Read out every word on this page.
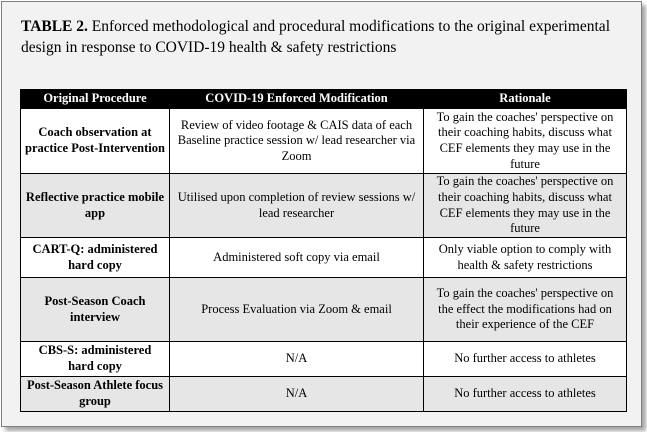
TABLE 2. Enforced methodological and procedural modifications to the original experimental design in response to COVID-19 health & safety restrictions
Original Procedure	COVID-19 Enforced Modification	Rationale
Coach observation at practice Post-Intervention	Review of video footage & CAIS data of each Baseline practice session w/ lead researcher via Zoom	To gain the coaches' perspective on their coaching habits, discuss what CEF elements they may use in the future
Reflective practice mobile app	Utilised upon completion of review sessions w/ lead researcher	To gain the coaches' perspective on their coaching habits, discuss what CEF elements they may use in the future
CART-Q: administered hard copy	Administered soft copy via email	Only viable option to comply with health & safety restrictions
Post-Season Coach interview	Process Evaluation via Zoom & email	To gain the coaches' perspective on the effect the modifications had on their experience of the CEF
CBS-S: administered hard copy	N/A	No further access to athletes
Post-Season Athlete focus group	N/A	No further access to athletes
